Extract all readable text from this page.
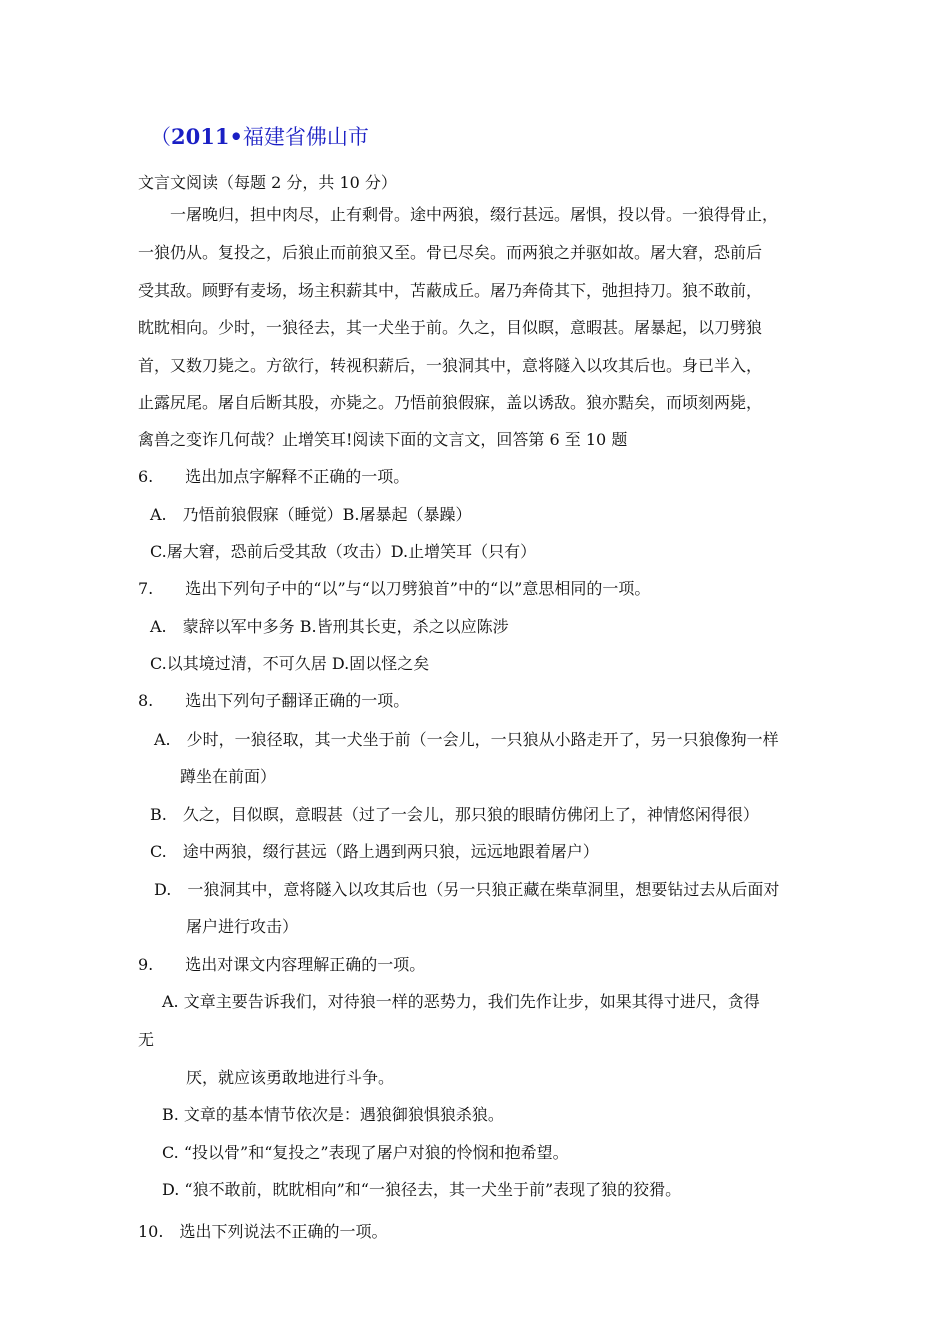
（2011•福建省佛山市
文言文阅读（每题 2 分，共 10 分）
一屠晚归，担中肉尽，止有剩骨。途中两狼，缀行甚远。屠惧，投以骨。一狼得骨止，
一狼仍从。复投之，后狼止而前狼又至。骨已尽矣。而两狼之并驱如故。屠大窘，恐前后
受其敌。顾野有麦场，场主积薪其中，苫蔽成丘。屠乃奔倚其下，弛担持刀。狼不敢前，
眈眈相向。少时，一狼径去，其一犬坐于前。久之，目似瞑，意暇甚。屠暴起，以刀劈狼
首，又数刀毙之。方欲行，转视积薪后，一狼洞其中，意将隧入以攻其后也。身已半入，
止露尻尾。屠自后断其股，亦毙之。乃悟前狼假寐，盖以诱敌。狼亦黠矣，而顷刻两毙，
禽兽之变诈几何哉？止增笑耳!阅读下面的文言文，回答第 6 至 10 题
6.　　选出加点字解释不正确的一项。
A.　乃悟前狼假寐（睡觉）B.屠暴起（暴躁）
C.屠大窘，恐前后受其敌（攻击）D.止增笑耳（只有）
7.　　选出下列句子中的“以”与“以刀劈狼首”中的“以”意思相同的一项。
A.　蒙辞以军中多务 B.皆刑其长吏，杀之以应陈涉
C.以其境过清，不可久居 D.固以怪之矣
8.　　选出下列句子翻译正确的一项。
A.　少时，一狼径取，其一犬坐于前（一会儿，一只狼从小路走开了，另一只狼像狗一样
蹲坐在前面）
B.　久之，目似瞑，意暇甚（过了一会儿，那只狼的眼睛仿佛闭上了，神情悠闲得很）
C.　途中两狼，缀行甚远（路上遇到两只狼，远远地跟着屠户）
D.　一狼洞其中，意将隧入以攻其后也（另一只狼正藏在柴草洞里，想要钻过去从后面对
屠户进行攻击）
9.　　选出对课文内容理解正确的一项。
A. 文章主要告诉我们，对待狼一样的恶势力，我们先作让步，如果其得寸进尺，贪得
无
厌，就应该勇敢地进行斗争。
B. 文章的基本情节依次是：遇狼御狼惧狼杀狼。
C. “投以骨”和“复投之”表现了屠户对狼的怜悯和抱希望。
D. “狼不敢前，眈眈相向”和“一狼径去，其一犬坐于前”表现了狼的狡猾。
10.　选出下列说法不正确的一项。
